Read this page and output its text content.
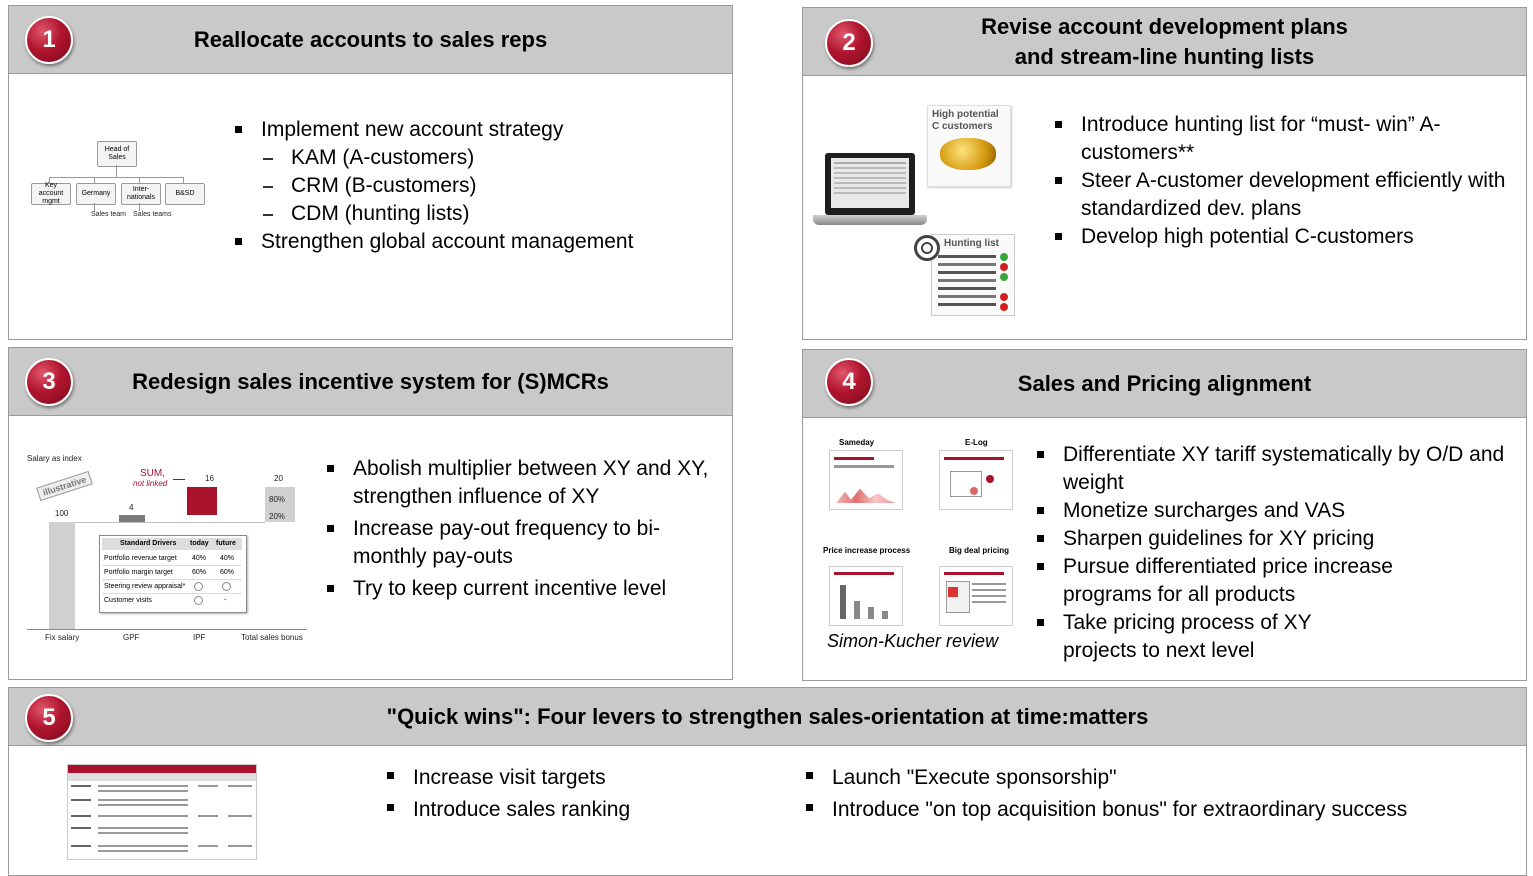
Reallocate accounts to sales reps
Head of Sales
Key account mgmt
Germany
Inter-nationals
B&SD
Sales team Sales teams
Implement new account strategy
KAM (A-customers)
CRM (B-customers)
CDM (hunting lists)
Strengthen global account management
1	Revise account development plans
and stream-line hunting lists
High potential C customers
Hunting list
Introduce hunting list for “must- win” A-customers**
Steer A-customer development efficiently with standardized dev. plans
Develop high potential C-customers
2
Redesign sales incentive system for (S)MCRs
Salary as index
illustrative
SUM,
not linked
100
4
16	20
80%
20%
Standard Drivers today future
Portfolio revenue target 40% 40%
Portfolio margin target	60% 60%
Steering review appraisal*
Customer visits	-
Fix salary	GPF	IPF	Total sales bonus
Abolish multiplier between XY and XY, strengthen influence of XY
Increase pay-out frequency to bi-monthly pay-outs
Try to keep current incentive level
3	Sales and Pricing alignment
Sameday	E-Log
Price increase process	Big deal pricing
Simon-Kucher review
Differentiate XY tariff systematically by O/D and weight
Monetize surcharges and VAS
Sharpen guidelines for XY pricing
Pursue differentiated price increase programs for all products
Take pricing process of XY projects to next level
4
"Quick wins": Four levers to strengthen sales-orientation at time:matters
Increase visit targets
Introduce sales ranking
Launch "Execute sponsorship"
Introduce "on top acquisition bonus" for extraordinary success
5
